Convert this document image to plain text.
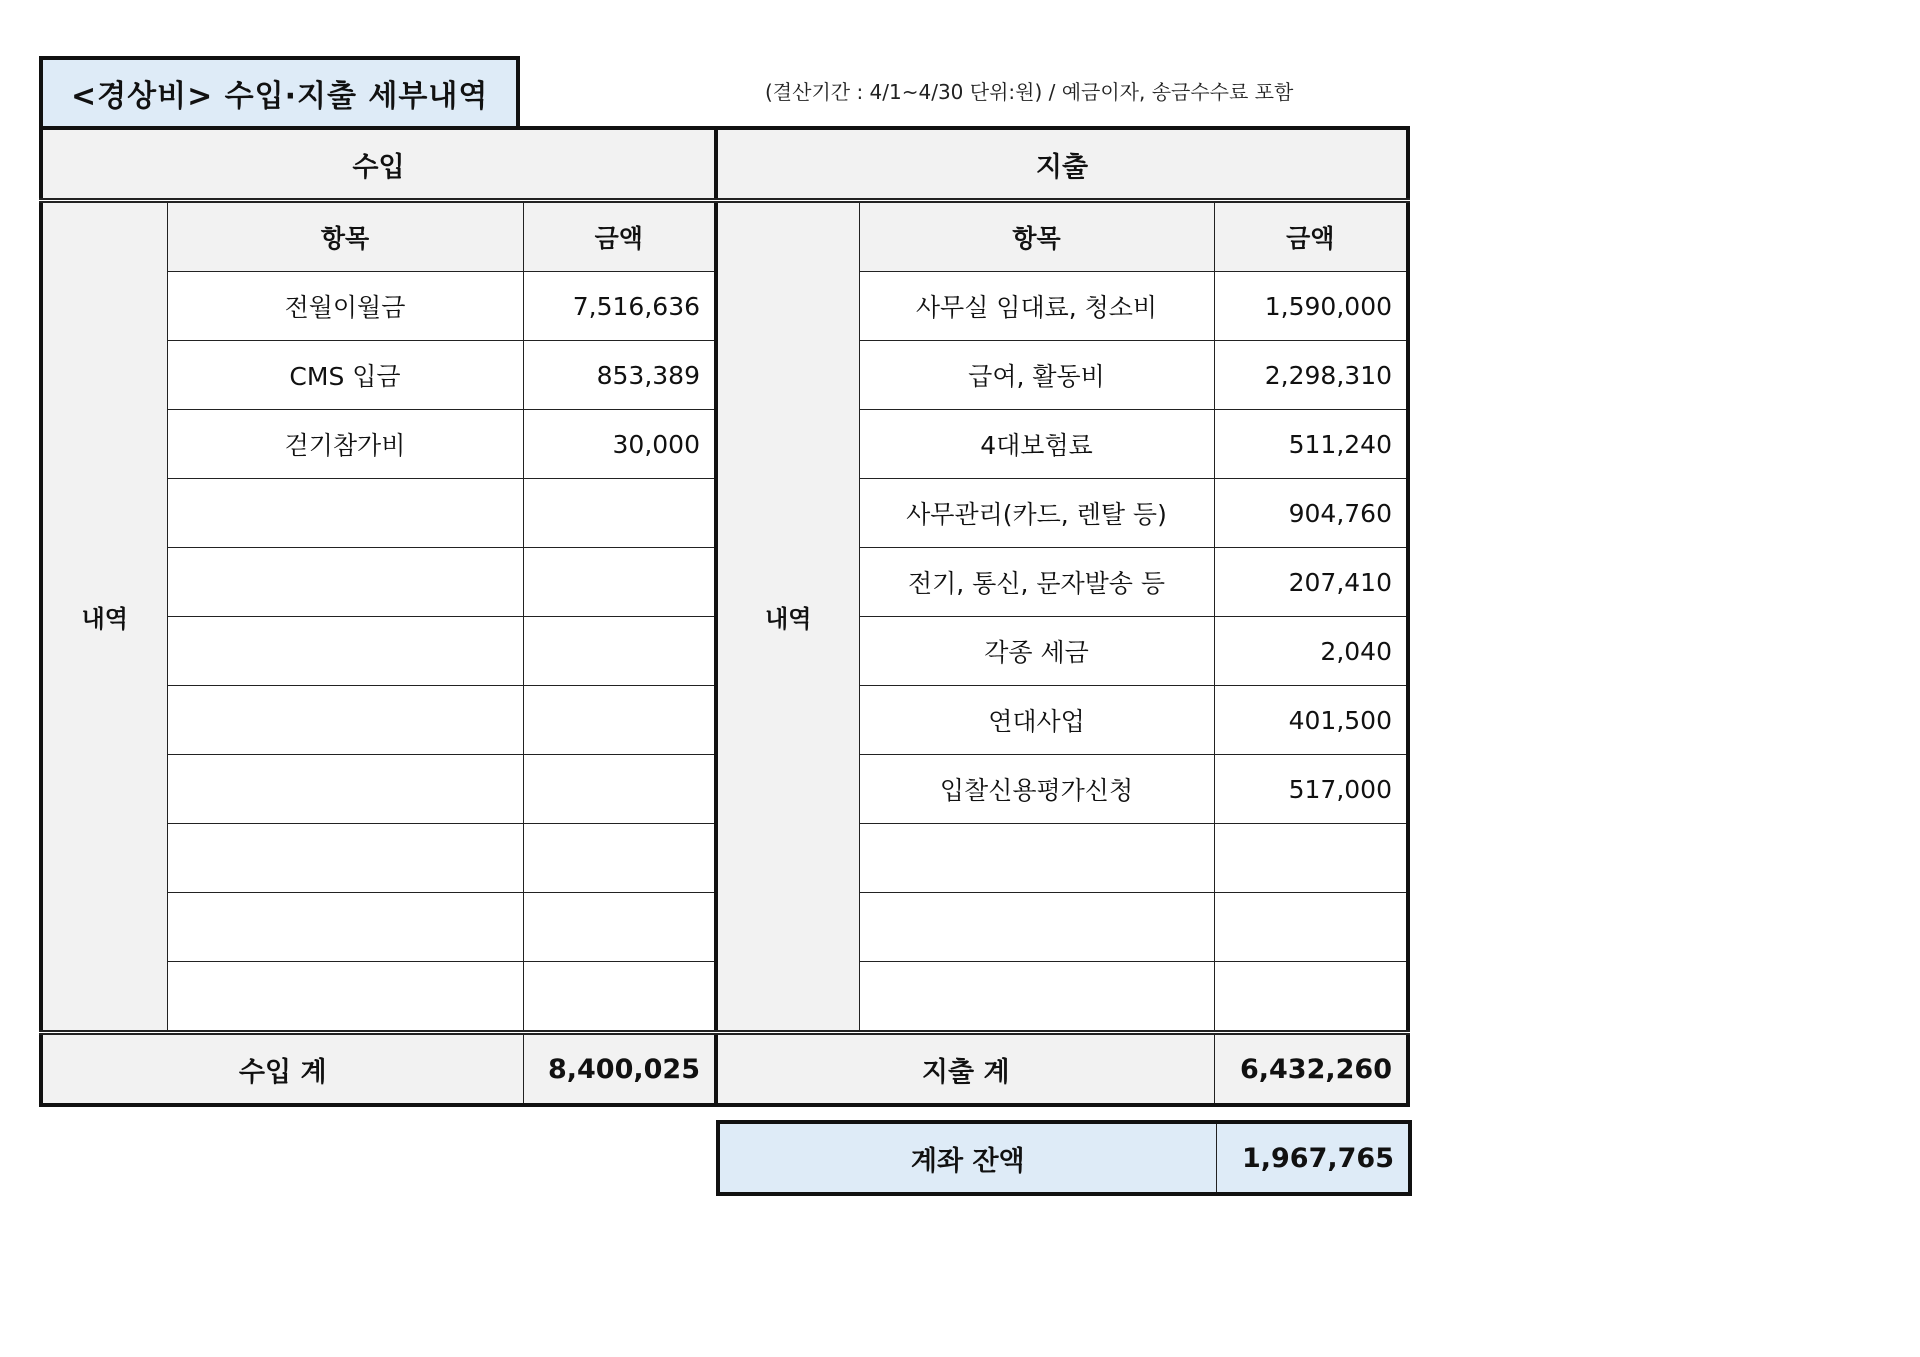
<경상비> 수입·지출 세부내역	(결산기간 : 4/1~4/30 단위:원) / 예금이자, 송금수수료 포함
수입			지출		
내역	항목	금액	내역	항목	금액
	전월이월금	7,516,636		사무실 임대료, 청소비	1,590,000
	CMS 입금	853,389		급여, 활동비	2,298,310
	걷기참가비	30,000		4대보험료	511,240
				사무관리(카드, 렌탈 등)	904,760
				전기, 통신, 문자발송 등	207,410
				각종 세금	2,040
				연대사업	401,500
				입찰신용평가신청	517,000

수입 계		8,400,025	지출 계		6,432,260
계좌 잔액	1,967,765
